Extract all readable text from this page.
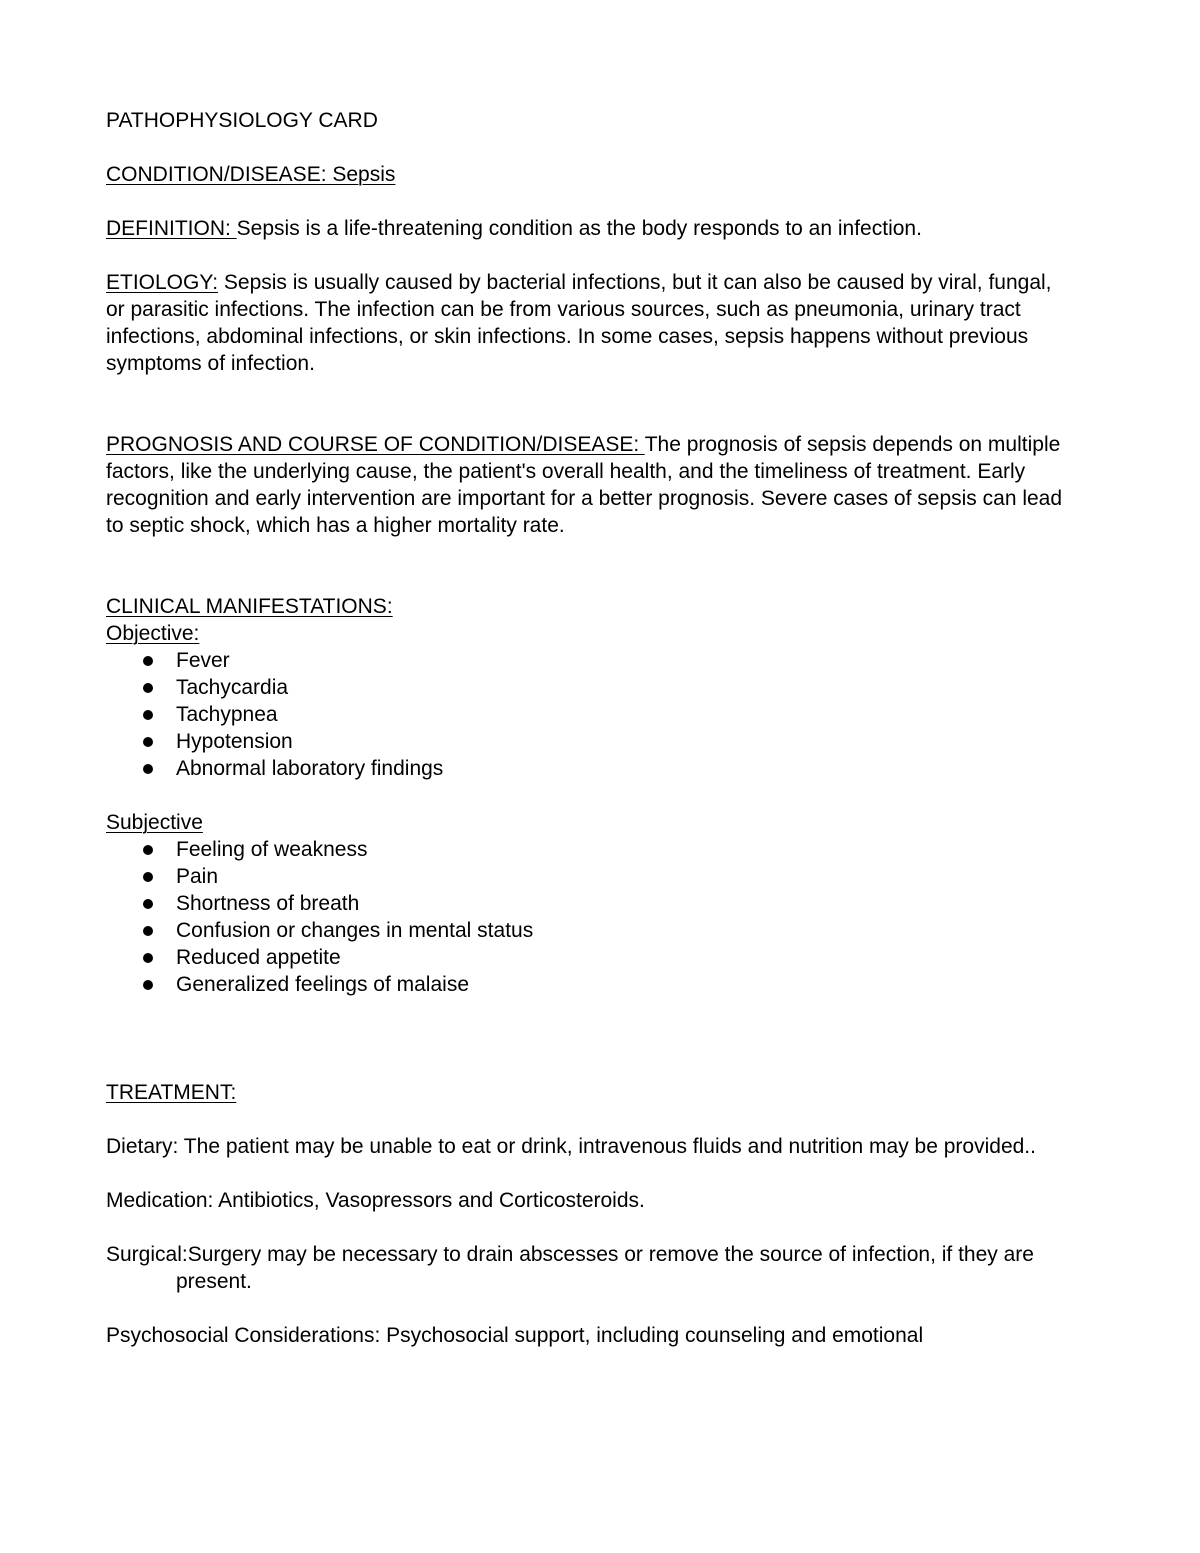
PATHOPHYSIOLOGY CARD

CONDITION/DISEASE: Sepsis

DEFINITION: Sepsis is a life-threatening condition as the body responds to an infection.

ETIOLOGY: Sepsis is usually caused by bacterial infections, but it can also be caused by viral, fungal, or parasitic infections. The infection can be from various sources, such as pneumonia, urinary tract infections, abdominal infections, or skin infections. In some cases, sepsis happens without previous symptoms of infection.

PROGNOSIS AND COURSE OF CONDITION/DISEASE: The prognosis of sepsis depends on multiple factors, like the underlying cause, the patient's overall health, and the timeliness of treatment. Early recognition and early intervention are important for a better prognosis. Severe cases of sepsis can lead to septic shock, which has a higher mortality rate.

CLINICAL MANIFESTATIONS:

Objective:

Fever
Tachycardia
Tachypnea
Hypotension
Abnormal laboratory findings

Subjective

Feeling of weakness
Pain
Shortness of breath
Confusion or changes in mental status
Reduced appetite
Generalized feelings of malaise

TREATMENT:

Dietary: The patient may be unable to eat or drink, intravenous fluids and nutrition may be provided..

Medication: Antibiotics, Vasopressors and Corticosteroids.

Surgical:Surgery may be necessary to drain abscesses or remove the source of infection, if they are present.

Psychosocial Considerations: Psychosocial support, including counseling and emotional
